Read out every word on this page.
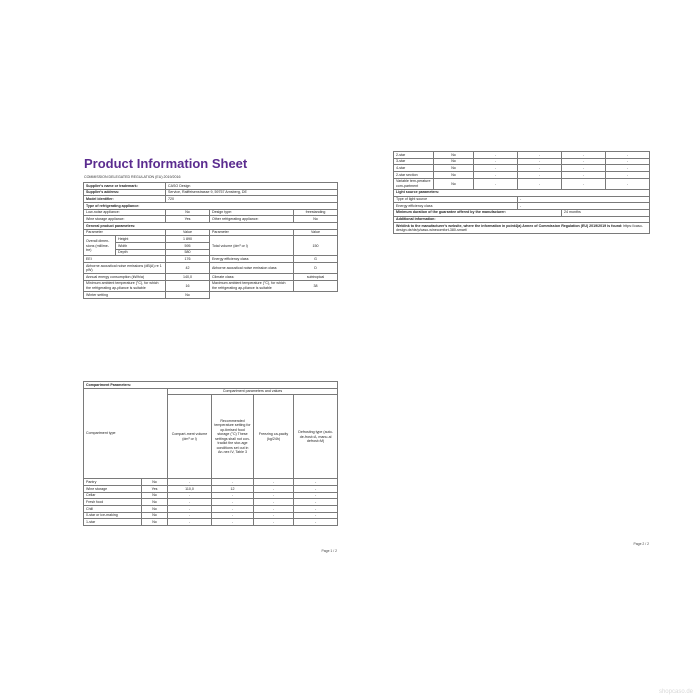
Product Information Sheet
COMMISSION DELEGATED REGULATION (EU) 2019/2016
Supplier's name or trademark:		CASO Design		
Supplier's address:		Service, Raiffeisenstrasse 9, 59757 Arnsberg, DE		
Model identifier:		720		
Type of refrigerating appliance:				
Low-noise appliance:		No	Design type:	freestanding
Wine storage appliance:		Yes	Other refrigerating appliance:	No
General product parameters:				
Parameter		Value	Parameter	Value
Overall dimen-sions (millime-tre)	Height	1 890	Total volume (dm³ or l)	150
	Width	595		
	Depth	580		
EEI		176	Energy efficiency class	G
Airborne acoustical noise emissions (dB(A) re 1 pW)		42	Airborne acoustical noise emission class	D
Annual energy consumption (kWh/a)		140,0	Climate class:	subtropical
Minimum ambient temperature (°C), for which the refrigerating ap-pliance is suitable		16	Maximum ambient temperature (°C), for which the refrigerating ap-pliance is suitable	38
Winter setting		No		
Compartment Parameters:					
Compartment type		Compartment parameters and values			
		Compart-ment volume (dm³ or l)	Recommended temperature setting for op-timised food storage (°C) These settings shall not con-tradict the stor-age conditions set out in An-nex IV, Table 3	Freezing ca-pacity (kg/24h)	Defrosting type (auto-de-frost=A, manu-al defrost=M)
Pantry	No	-	-	-	-
Wine storage	Yes	110,0	12	-	-
Cellar	No	-	-	-	-
Fresh food	No	-	-	-	-
Chill	No	-	-	-	-
0-star or ice-making	No	-	-	-	-
1-star	No	-	-	-	-
Page 1 / 2
2-star	No	-	-	-	-
3-star	No	-	-	-	-
4-star	No	-	-	-	-
2-star section	No	-	-	-	-
Variable tem-perature com-partment	No	-	-	-	-
Light source parameters:					
Type of light source			-		
Energy efficiency class			-		
Minimum duration of the guarantee offered by the manufacturer:				24 months	
Additional information:					
Weblink to the manufacturer's website, where the information in point4(a) Annex of Commission Regulation (EU) 2019/2019 is found: https://caso-design.de/de/p/caso-winecomfort-380-smart/					
Page 2 / 2
shopcaso.de
